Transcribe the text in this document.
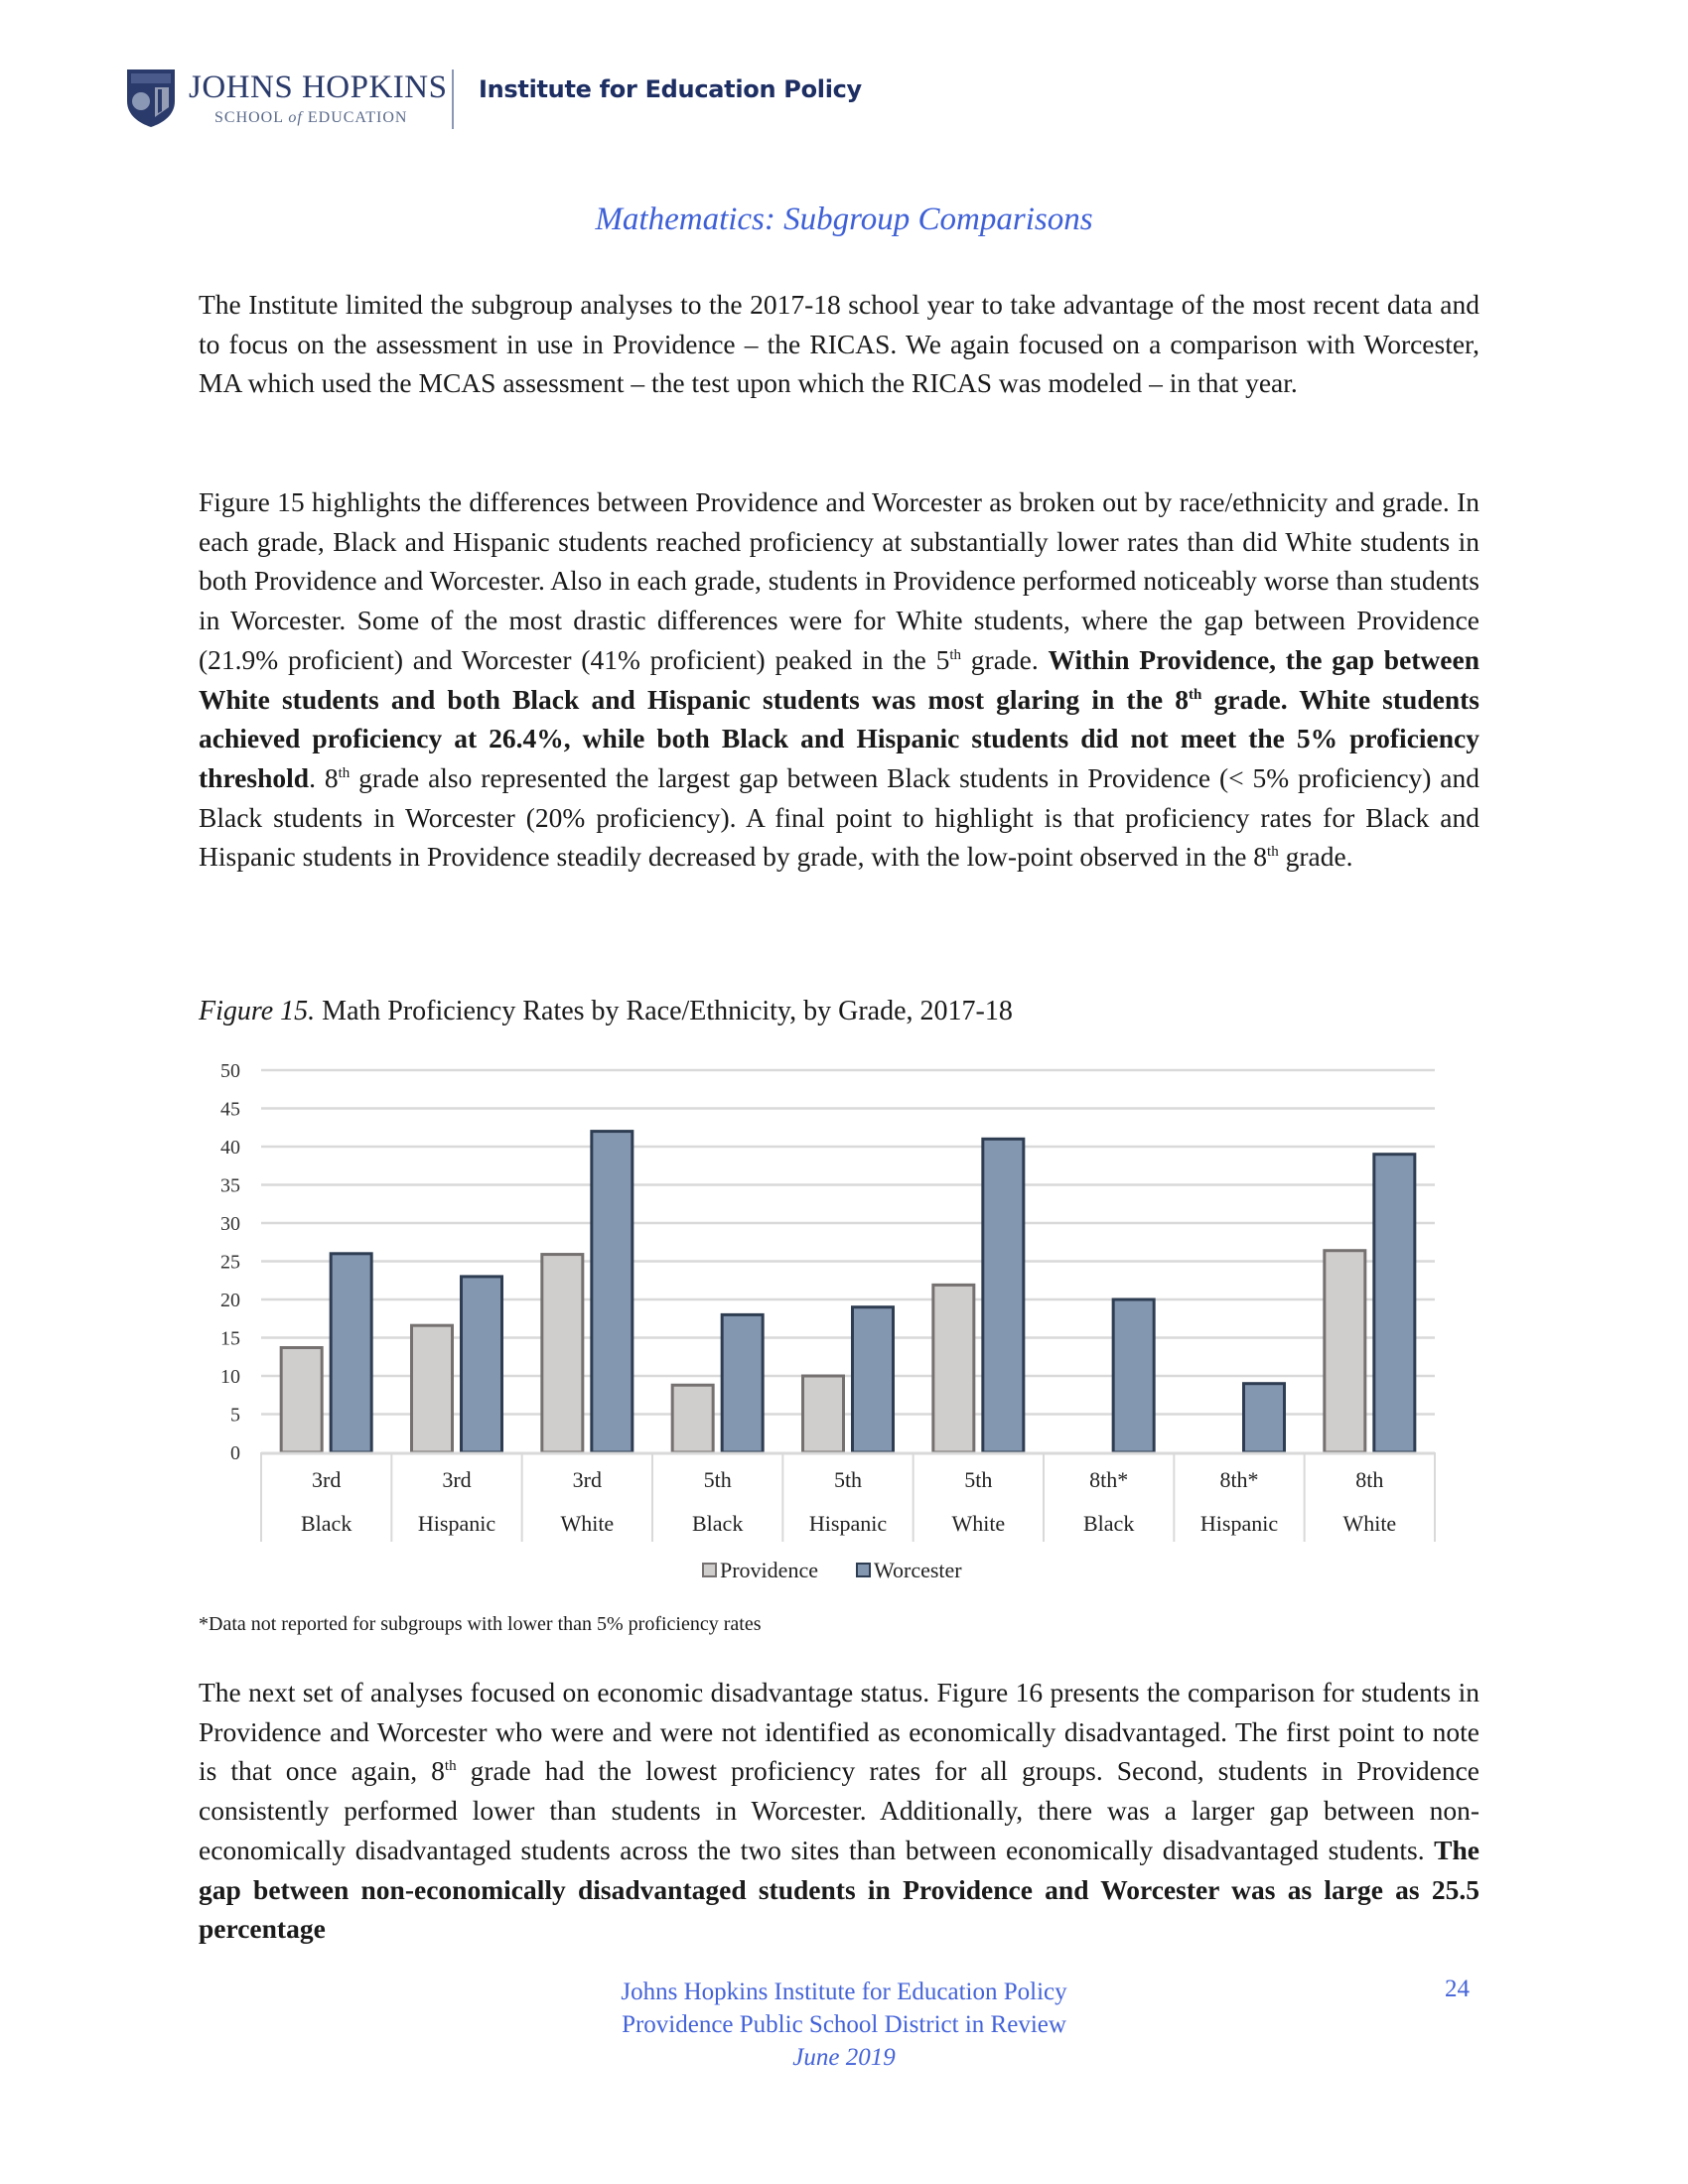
JOHNS HOPKINS
SCHOOL of EDUCATION
Institute for Education Policy
Mathematics: Subgroup Comparisons
The Institute limited the subgroup analyses to the 2017-18 school year to take advantage of the most recent data and to focus on the assessment in use in Providence – the RICAS. We again focused on a comparison with Worcester, MA which used the MCAS assessment – the test upon which the RICAS was modeled – in that year.
Figure 15 highlights the differences between Providence and Worcester as broken out by race/ethnicity and grade. In each grade, Black and Hispanic students reached proficiency at substantially lower rates than did White students in both Providence and Worcester. Also in each grade, students in Providence performed noticeably worse than students in Worcester. Some of the most drastic differences were for White students, where the gap between Providence (21.9% proficient) and Worcester (41% proficient) peaked in the 5th grade. Within Providence, the gap between White students and both Black and Hispanic students was most glaring in the 8th grade. White students achieved proficiency at 26.4%, while both Black and Hispanic students did not meet the 5% proficiency threshold. 8th grade also represented the largest gap between Black students in Providence (< 5% proficiency) and Black students in Worcester (20% proficiency). A final point to highlight is that proficiency rates for Black and Hispanic students in Providence steadily decreased by grade, with the low-point observed in the 8th grade.
Figure 15. Math Proficiency Rates by Race/Ethnicity, by Grade, 2017-18
0
5
10
15
20
25
30
35
40
45
50
3rd
Black
3rd
Hispanic
3rd
White
5th
Black
5th
Hispanic
5th
White
8th*
Black
8th*
Hispanic
8th
White
Providence	Worcester
*Data not reported for subgroups with lower than 5% proficiency rates
The next set of analyses focused on economic disadvantage status. Figure 16 presents the comparison for students in Providence and Worcester who were and were not identified as economically disadvantaged. The first point to note is that once again, 8th grade had the lowest proficiency rates for all groups. Second, students in Providence consistently performed lower than students in Worcester. Additionally, there was a larger gap between non-economically disadvantaged students across the two sites than between economically disadvantaged students. The gap between non-economically disadvantaged students in Providence and Worcester was as large as 25.5 percentage
Johns Hopkins Institute for Education Policy
Providence Public School District in Review
June 2019
24
